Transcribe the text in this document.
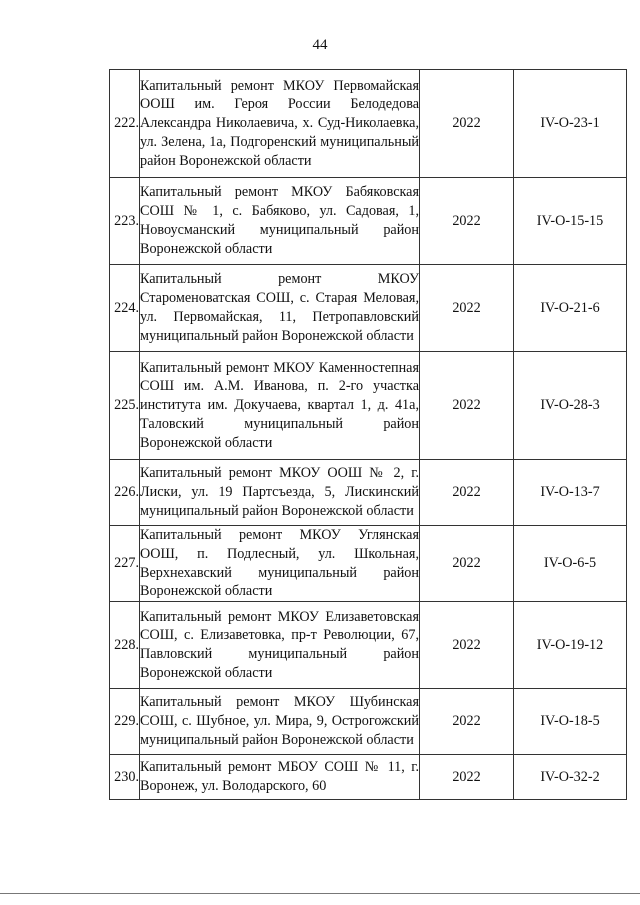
44
222.	Капитальный ремонт МКОУ Первомайская ООШ им. Героя России Белодедова Александра Николаевича, х. Суд-Николаевка, ул. Зелена, 1а, Подгоренский муниципальный район Воронежской области	2022	IV-O-23-1
223.	Капитальный ремонт МКОУ Бабяковская СОШ № 1, с. Бабяково, ул. Садовая, 1, Новоусманский муниципальный район Воронежской области	2022	IV-O-15-15
224.	Капитальный ремонт МКОУ Староменоватская СОШ, с. Старая Меловая, ул. Первомайская, 11, Петропавловский муниципальный район Воронежской области	2022	IV-O-21-6
225.	Капитальный ремонт МКОУ Каменностепная СОШ им. А.М. Иванова, п. 2-го участка института им. Докучаева, квартал 1, д. 41а, Таловский муниципальный район Воронежской области	2022	IV-O-28-3
226.	Капитальный ремонт МКОУ ООШ № 2, г. Лиски, ул. 19 Партсъезда, 5, Лискинский муниципальный район Воронежской области	2022	IV-O-13-7
227.	Капитальный ремонт МКОУ Углянская ООШ, п. Подлесный, ул. Школьная, Верхнехавский муниципальный район Воронежской области	2022	IV-O-6-5
228.	Капитальный ремонт МКОУ Елизаветовская СОШ, с. Елизаветовка, пр-т Революции, 67, Павловский муниципальный район Воронежской области	2022	IV-O-19-12
229.	Капитальный ремонт МКОУ Шубинская СОШ, с. Шубное, ул. Мира, 9, Острогожский муниципальный район Воронежской области	2022	IV-O-18-5
230.	Капитальный ремонт МБОУ СОШ № 11, г. Воронеж, ул. Володарского, 60	2022	IV-O-32-2
